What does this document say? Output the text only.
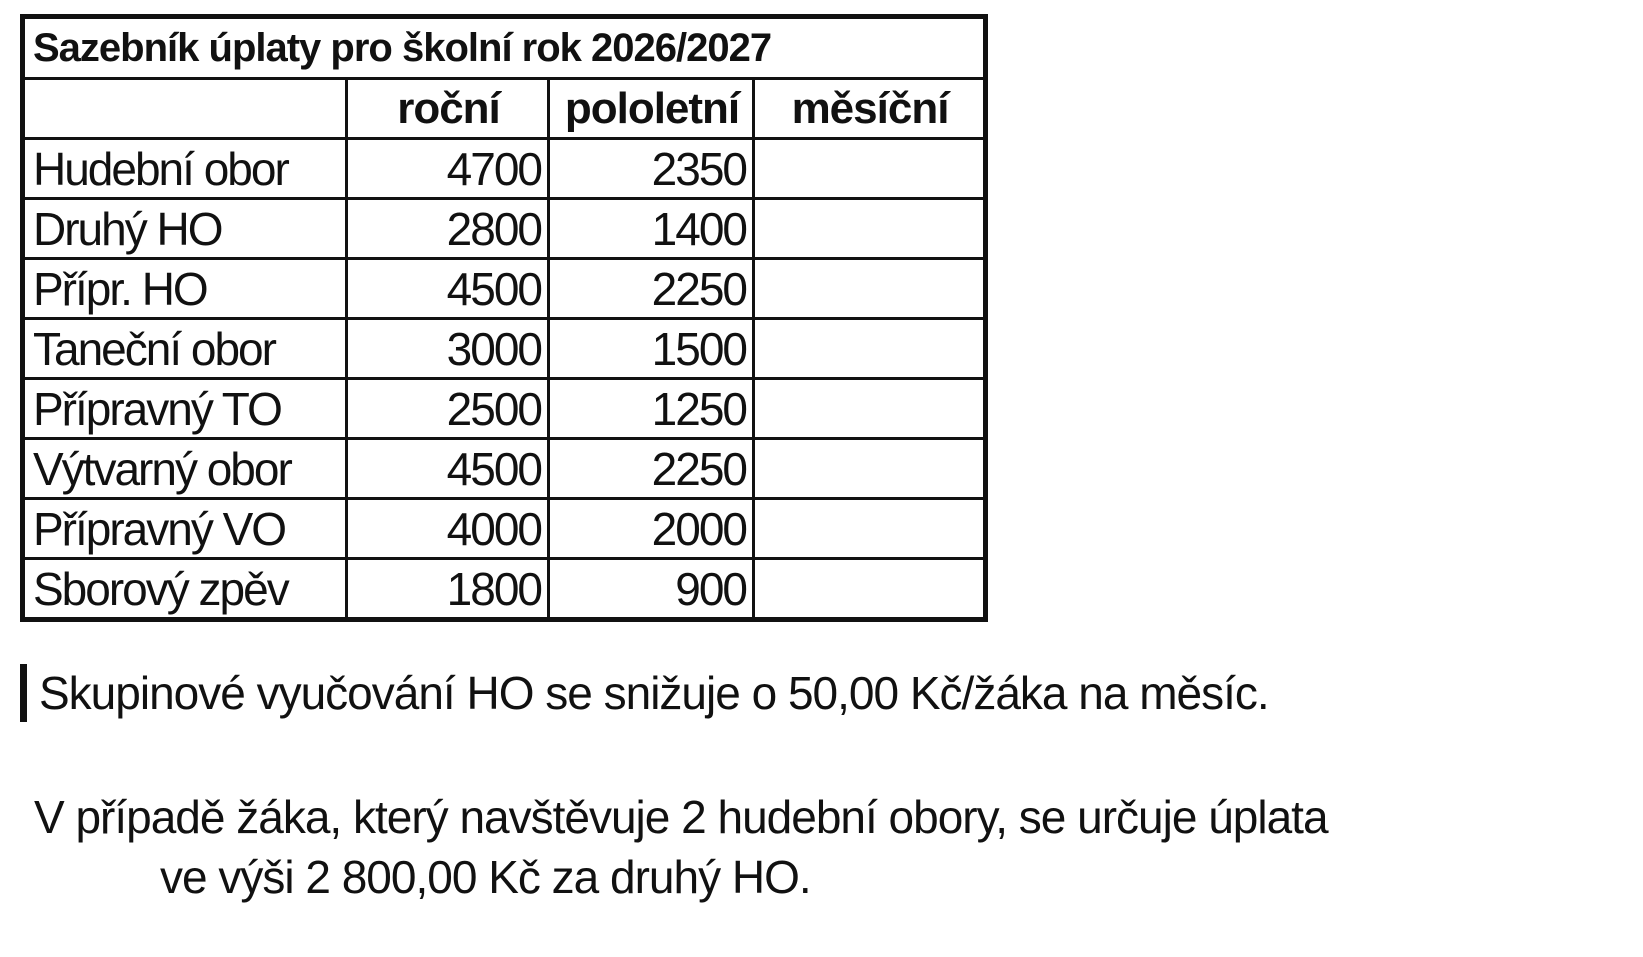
Sazebník úplaty pro školní rok 2026/2027			
	roční	pololetní	měsíční
Hudební obor	4700	2350	
Druhý HO	2800	1400	
Přípr. HO	4500	2250	
Taneční obor	3000	1500	
Přípravný TO	2500	1250	
Výtvarný obor	4500	2250	
Přípravný VO	4000	2000	
Sborový zpěv	1800	900	
Skupinové vyučování HO se snižuje o 50,00 Kč/žáka na měsíc.
V případě žáka, který navštěvuje 2 hudební obory, se určuje úplata
ve výši 2 800,00 Kč za druhý HO.
